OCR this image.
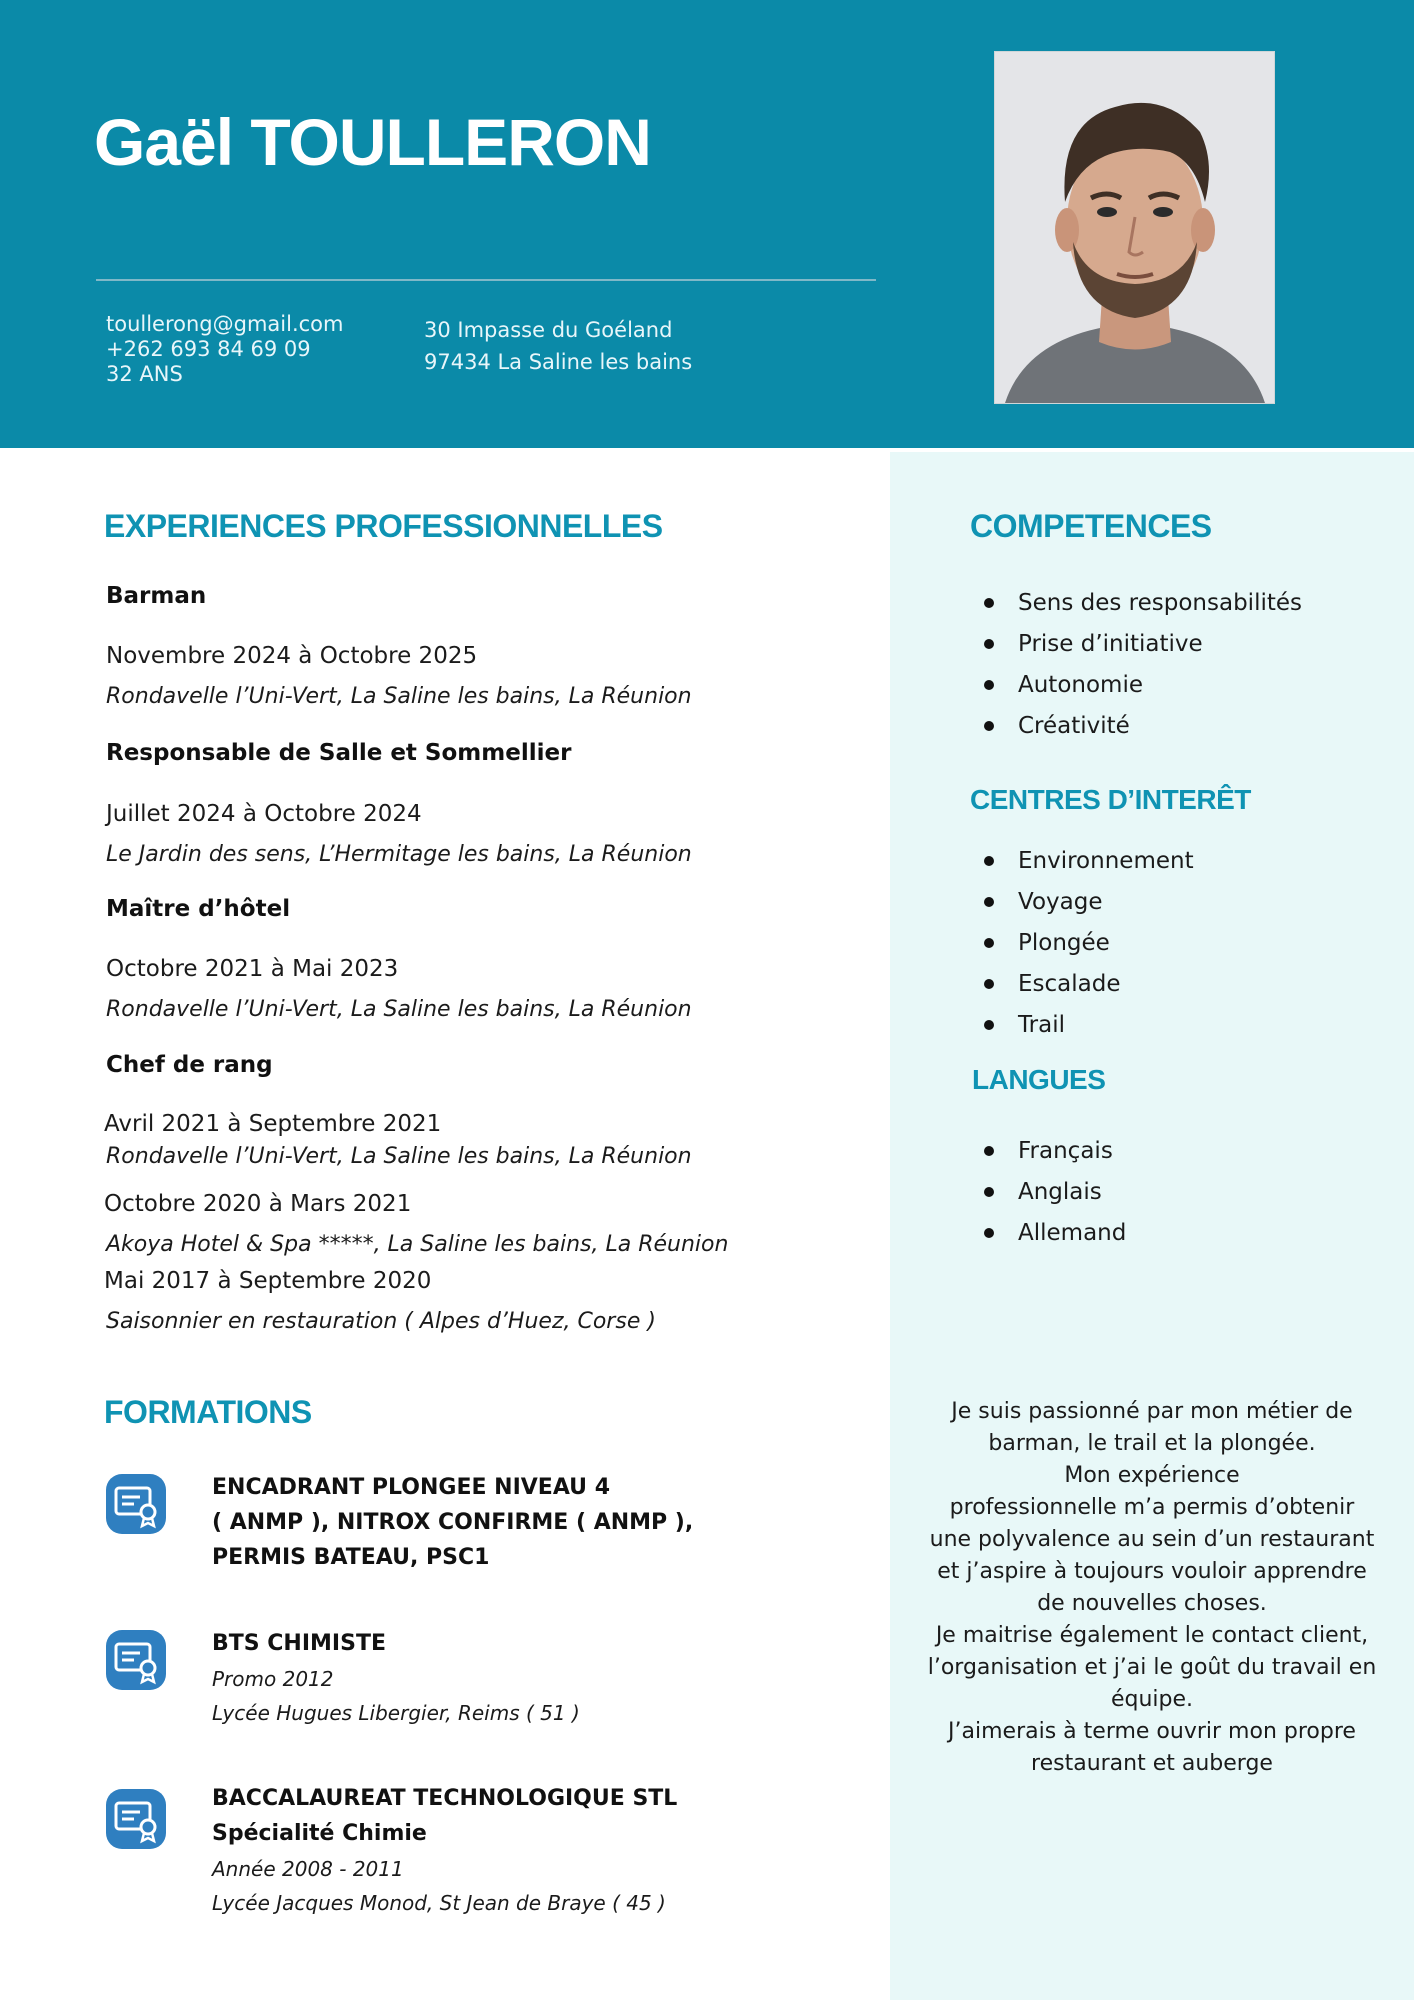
Gaël TOULLERON
toullerong@gmail.com
+262 693 84 69 09
32 ANS
30 Impasse du Goéland
97434 La Saline les bains
EXPERIENCES PROFESSIONNELLES
Barman
Novembre 2024 à Octobre 2025
Rondavelle l’Uni-Vert, La Saline les bains, La Réunion
Responsable de Salle et Sommellier
Juillet 2024 à Octobre 2024
Le Jardin des sens, L’Hermitage les bains, La Réunion
Maître d’hôtel
Octobre 2021 à Mai 2023
Rondavelle l’Uni-Vert, La Saline les bains, La Réunion
Chef de rang
Avril 2021 à Septembre 2021
Rondavelle l’Uni-Vert, La Saline les bains, La Réunion
Octobre 2020 à Mars 2021
Akoya Hotel & Spa *****, La Saline les bains, La Réunion
Mai 2017 à Septembre 2020
Saisonnier en restauration ( Alpes d’Huez, Corse )
FORMATIONS
ENCADRANT PLONGEE NIVEAU 4
( ANMP ), NITROX CONFIRME ( ANMP ),
PERMIS BATEAU, PSC1
BTS CHIMISTE
Promo 2012
Lycée Hugues Libergier, Reims ( 51 )
BACCALAUREAT TECHNOLOGIQUE STL
Spécialité Chimie
Année 2008 - 2011
Lycée Jacques Monod, St Jean de Braye ( 45 )
COMPETENCES
Sens des responsabilités
Prise d’initiative
Autonomie
Créativité
CENTRES D’INTERÊT
Environnement
Voyage
Plongée
Escalade
Trail
LANGUES
Français
Anglais
Allemand
Je suis passionné par mon métier de
barman, le trail et la plongée.
Mon expérience
professionnelle m’a permis d’obtenir
une polyvalence au sein d’un restaurant
et j’aspire à toujours vouloir apprendre
de nouvelles choses.
Je maitrise également le contact client,
l’organisation et j’ai le goût du travail en
équipe.
J’aimerais à terme ouvrir mon propre
restaurant et auberge
